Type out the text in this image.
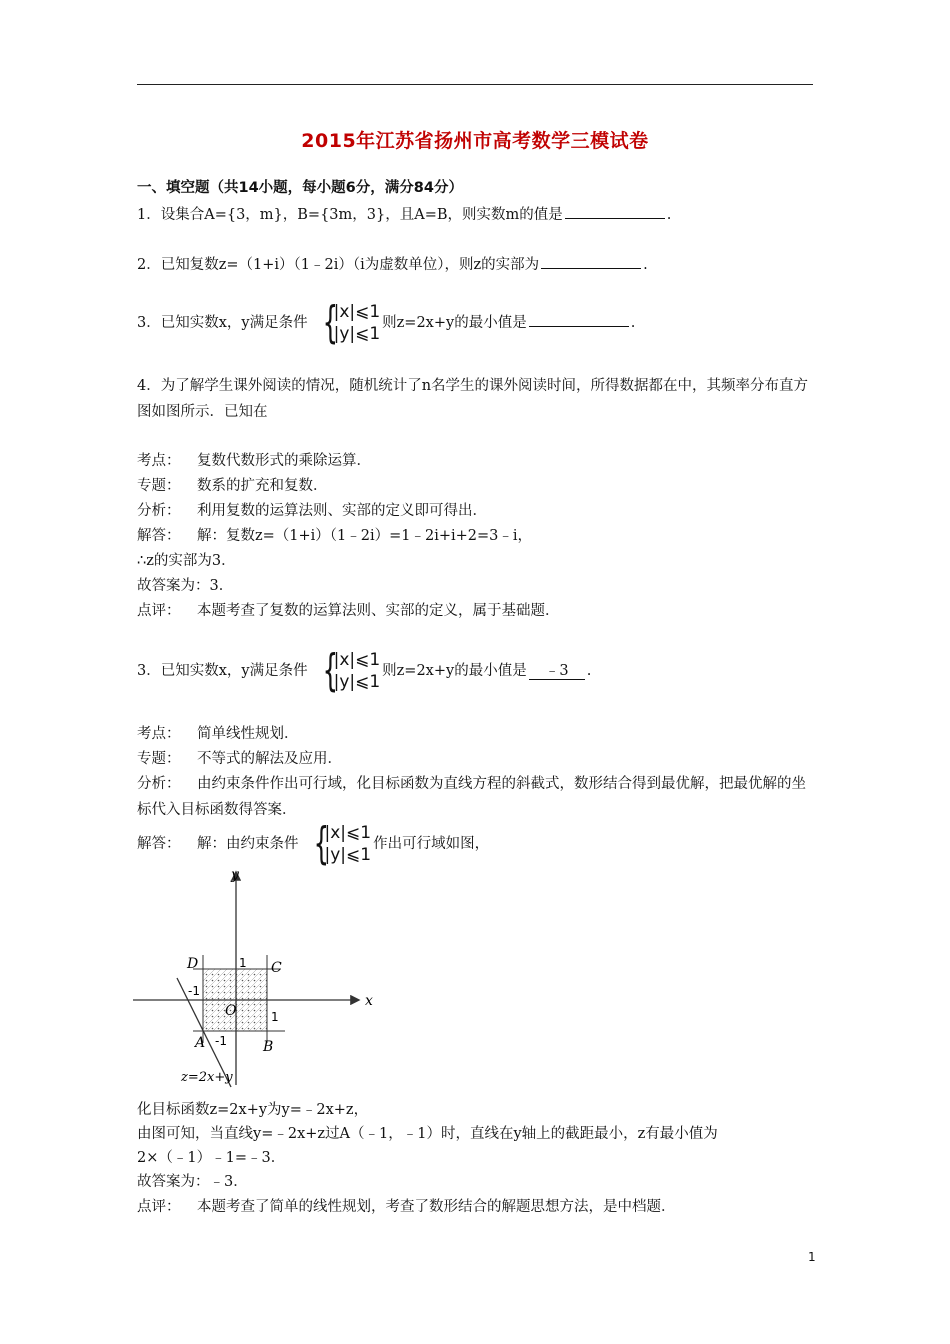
2015年江苏省扬州市高考数学三模试卷
一、填空题（共14小题，每小题6分，满分84分）
1．设集合A={3，m}，B={3m，3}，且A=B，则实数m的值是	.
2．已知复数z=（1+i）（1﹣2i）（i为虚数单位），则z的实部为	.
3．已知实数x，y满足条件 {
|x|⩽1
|y|⩽1
则z=2x+y的最小值是	.
4．为了解学生课外阅读的情况，随机统计了n名学生的课外阅读时间，所得数据都在中，其频率分布直方图如图所示．已知在
考点： 复数代数形式的乘除运算．
专题： 数系的扩充和复数．
分析： 利用复数的运算法则、实部的定义即可得出．
解答： 解：复数z=（1+i）（1﹣2i）=1﹣2i+i+2=3﹣i，
∴z的实部为3．
故答案为：3．
点评： 本题考查了复数的运算法则、实部的定义，属于基础题．
3．已知实数x，y满足条件 {
|x|⩽1
|y|⩽1
则z=2x+y的最小值是 ﹣3 .
考点： 简单线性规划．
专题： 不等式的解法及应用．
分析： 由约束条件作出可行域，化目标函数为直线方程的斜截式，数形结合得到最优解，把最优解的坐标代入目标函数得答案．
解答： 解：由约束条件 {
|x|⩽1
|y|⩽1
作出可行域如图，
y
x
O
D	C
A	B
1
1
-1
-1
z=2x+y
化目标函数z=2x+y为y=﹣2x+z，
由图可知，当直线y=﹣2x+z过A（﹣1，﹣1）时，直线在y轴上的截距最小，z有最小值为
2×（﹣1）﹣1=﹣3．
故答案为：﹣3．
点评： 本题考查了简单的线性规划，考查了数形结合的解题思想方法，是中档题．
1
